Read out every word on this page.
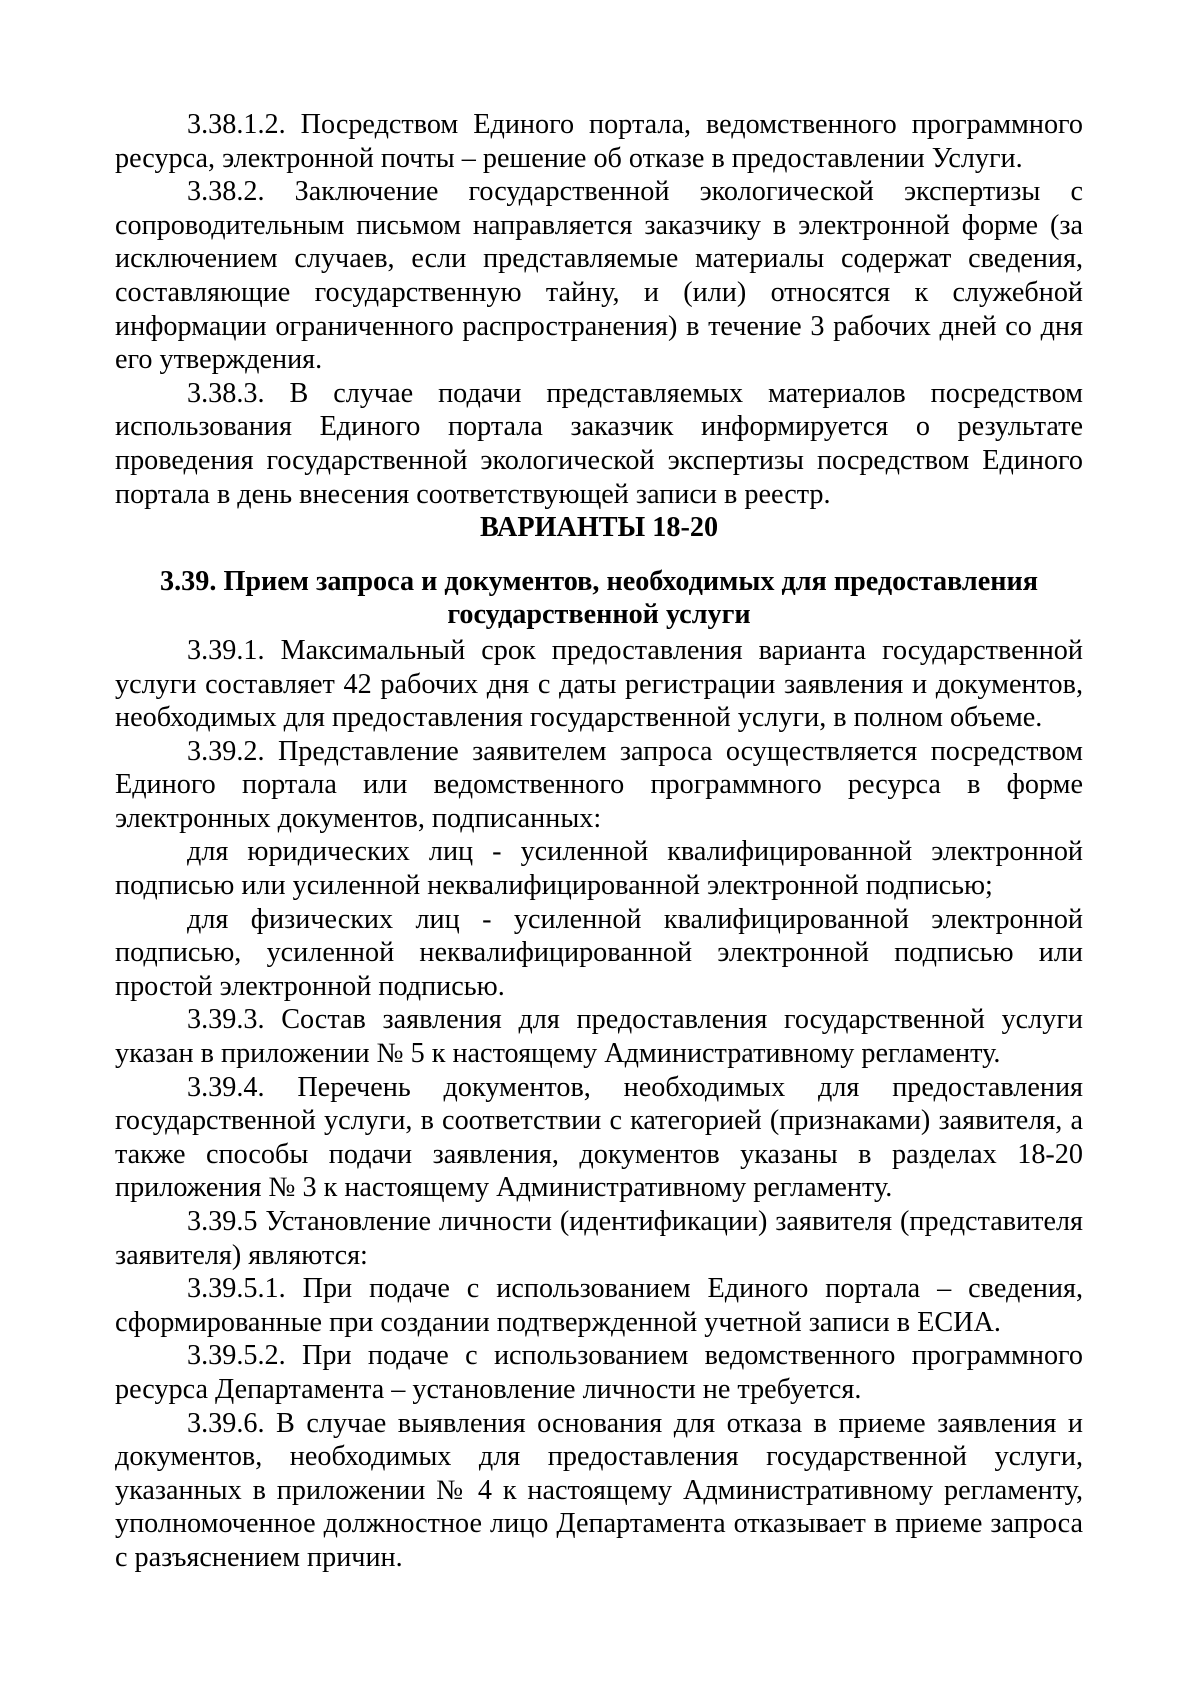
3.38.1.2. Посредством Единого портала, ведомственного программного ресурса, электронной почты – решение об отказе в предоставлении Услуги.

3.38.2. Заключение государственной экологической экспертизы с сопроводительным письмом направляется заказчику в электронной форме (за исключением случаев, если представляемые материалы содержат сведения, составляющие государственную тайну, и (или) относятся к служебной информации ограниченного распространения) в течение 3 рабочих дней со дня его утверждения.

3.38.3. В случае подачи представляемых материалов посредством использования Единого портала заказчик информируется о результате проведения государственной экологической экспертизы посредством Единого портала в день внесения соответствующей записи в реестр.

ВАРИАНТЫ 18-20

3.39. Прием запроса и документов, необходимых для предоставления
государственной услуги

3.39.1. Максимальный срок предоставления варианта государственной услуги составляет 42 рабочих дня с даты регистрации заявления и документов, необходимых для предоставления государственной услуги, в полном объеме.

3.39.2. Представление заявителем запроса осуществляется посредством Единого портала или ведомственного программного ресурса в форме электронных документов, подписанных:

для юридических лиц - усиленной квалифицированной электронной подписью или усиленной неквалифицированной электронной подписью;

для физических лиц - усиленной квалифицированной электронной подписью, усиленной неквалифицированной электронной подписью или простой электронной подписью.

3.39.3. Состав заявления для предоставления государственной услуги указан в приложении № 5 к настоящему Административному регламенту.

3.39.4. Перечень документов, необходимых для предоставления государственной услуги, в соответствии с категорией (признаками) заявителя, а также способы подачи заявления, документов указаны в разделах 18-20 приложения № 3 к настоящему Административному регламенту.

3.39.5 Установление личности (идентификации) заявителя (представителя заявителя) являются:

3.39.5.1. При подаче с использованием Единого портала – сведения, сформированные при создании подтвержденной учетной записи в ЕСИА.

3.39.5.2. При подаче с использованием ведомственного программного ресурса Департамента – установление личности не требуется.

3.39.6. В случае выявления основания для отказа в приеме заявления и документов, необходимых для предоставления государственной услуги, указанных в приложении № 4 к настоящему Административному регламенту, уполномоченное должностное лицо Департамента отказывает в приеме запроса с разъяснением причин.
